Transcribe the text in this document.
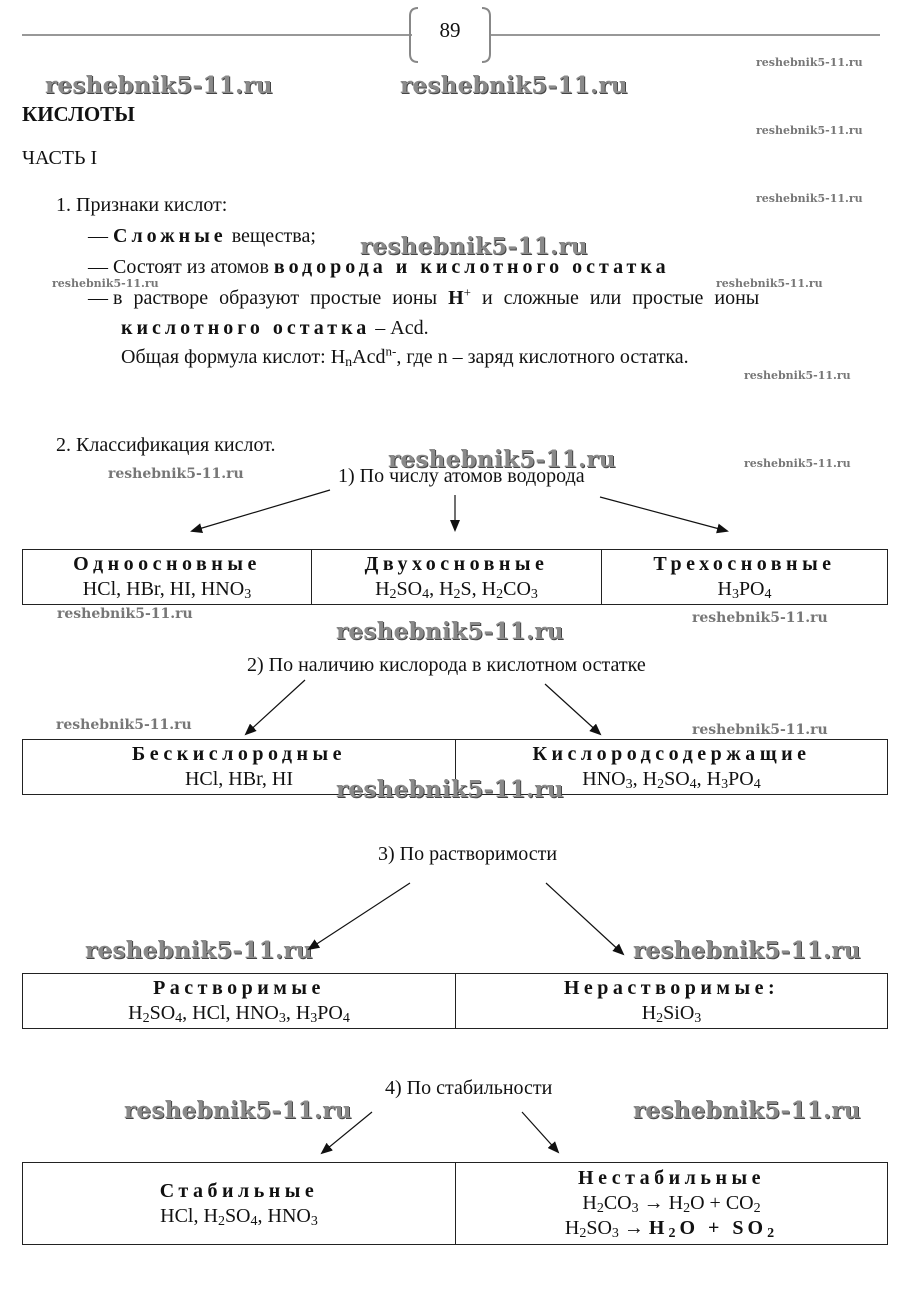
89
reshebnik5-11.ru	reshebnik5-11.ru
reshebnik5-11.ru
reshebnik5-11.ru
reshebnik5-11.ru
reshebnik5-11.ru
reshebnik5-11.ru	reshebnik5-11.ru
reshebnik5-11.ru
reshebnik5-11.ru
reshebnik5-11.ru
reshebnik5-11.ru
reshebnik5-11.ru	reshebnik5-11.ru
reshebnik5-11.ru
reshebnik5-11.ru	reshebnik5-11.ru
reshebnik5-11.ru
reshebnik5-11.ru	reshebnik5-11.ru
reshebnik5-11.ru	reshebnik5-11.ru
КИСЛОТЫ
ЧАСТЬ I
1. Признаки кислот:
— Сложные вещества;
— Состоят из атомов водорода и кислотного остатка
— в растворе образуют простые ионы Н+ и сложные или простые ионы
кислотного остатка – Acd.
Общая формула кислот: $H_nAcd^{n-}$, где n – заряд кислотного остатка.
2. Классификация кислот.
1) По числу атомов водорода
Одноосновные
HCl, HBr, HI, $HNO_3$

Двухосновные
$H_2SO_4$, $H_2S$, $H_2CO_3$

Трехосновные
$H_3PO_4$
2) По наличию кислорода в кислотном остатке
Бескислородные
HCl, HBr, HI

Кислородсодержащие
$HNO_3$, $H_2SO_4$, $H_3PO_4$
3) По растворимости
Растворимые
$H_2SO_4$, HCl, $HNO_3$, $H_3PO_4$

Нерастворимые:
$H_2SiO_3$
4) По стабильности
Стабильные
HCl, $H_2SO_4$, $HNO_3$

Нестабильные
$H_2CO_3 \to H_2O + CO_2$
$H_2SO_3 \to H_2O + SO_2$
